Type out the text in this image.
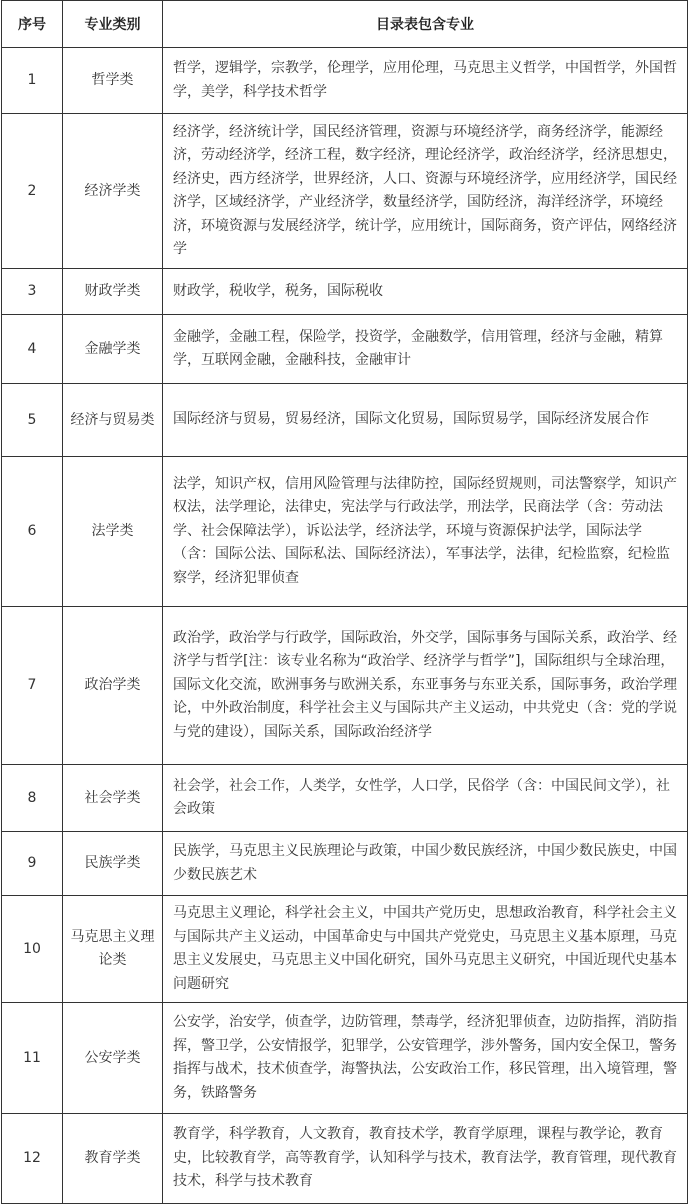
序号	专业类别	目录表包含专业
1	哲学类	哲学，逻辑学，宗教学，伦理学，应用伦理，马克思主义哲学，中国哲学，外国哲学，美学，科学技术哲学
2	经济学类	经济学，经济统计学，国民经济管理，资源与环境经济学，商务经济学，能源经济，劳动经济学，经济工程，数字经济，理论经济学，政治经济学，经济思想史，经济史，西方经济学，世界经济，人口、资源与环境经济学，应用经济学，国民经济学，区域经济学，产业经济学，数量经济学，国防经济，海洋经济学，环境经济，环境资源与发展经济学，统计学，应用统计，国际商务，资产评估，网络经济学
3	财政学类	财政学，税收学，税务，国际税收
4	金融学类	金融学，金融工程，保险学，投资学，金融数学，信用管理，经济与金融，精算学，互联网金融，金融科技，金融审计
5	经济与贸易类	国际经济与贸易，贸易经济，国际文化贸易，国际贸易学，国际经济发展合作
6	法学类	法学，知识产权，信用风险管理与法律防控，国际经贸规则，司法警察学，知识产权法，法学理论，法律史，宪法学与行政法学，刑法学，民商法学（含：劳动法学、社会保障法学），诉讼法学，经济法学，环境与资源保护法学，国际法学（含：国际公法、国际私法、国际经济法），军事法学，法律，纪检监察，纪检监察学，经济犯罪侦查
7	政治学类	政治学，政治学与行政学，国际政治，外交学，国际事务与国际关系，政治学、经济学与哲学[注：该专业名称为“政治学、经济学与哲学”]，国际组织与全球治理，国际文化交流，欧洲事务与欧洲关系，东亚事务与东亚关系，国际事务，政治学理论，中外政治制度，科学社会主义与国际共产主义运动，中共党史（含：党的学说与党的建设），国际关系，国际政治经济学
8	社会学类	社会学，社会工作，人类学，女性学，人口学，民俗学（含：中国民间文学），社会政策
9	民族学类	民族学，马克思主义民族理论与政策，中国少数民族经济，中国少数民族史，中国少数民族艺术
10	马克思主义理论类	马克思主义理论，科学社会主义，中国共产党历史，思想政治教育，科学社会主义与国际共产主义运动，中国革命史与中国共产党党史，马克思主义基本原理，马克思主义发展史，马克思主义中国化研究，国外马克思主义研究，中国近现代史基本问题研究
11	公安学类	公安学，治安学，侦查学，边防管理，禁毒学，经济犯罪侦查，边防指挥，消防指挥，警卫学，公安情报学，犯罪学，公安管理学，涉外警务，国内安全保卫，警务指挥与战术，技术侦查学，海警执法，公安政治工作，移民管理，出入境管理，警务，铁路警务
12	教育学类	教育学，科学教育，人文教育，教育技术学，教育学原理，课程与教学论，教育史，比较教育学，高等教育学，认知科学与技术，教育法学，教育管理，现代教育技术，科学与技术教育
